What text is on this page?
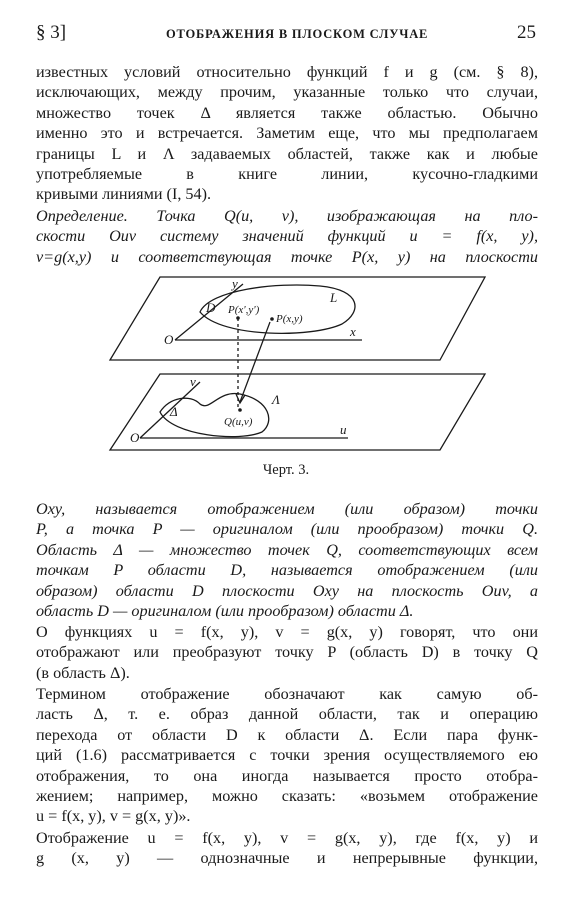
§ 3]	ОТОБРАЖЕНИЯ В ПЛОСКОМ СЛУЧАЕ	25
известных условий относительно функций f и g (см. § 8),
исключающих, между прочим, указанные только что случаи,
множество точек Δ является также областью. Обычно
именно это и встречается. Заметим еще, что мы предполагаем
границы L и Λ задаваемых областей, также как и любые
употребляемые в книге линии, кусочно-гладкими
кривыми линиями (I, 54).
Определение. Точка Q(u, v), изображающая на пло-
скости Ouv систему значений функций u = f(x, y),
v=g(x,y) и соответствующая точке P(x, y) на плоскости
y
L
D P(x',y')
P(x,y)
O
x
v
Δ
Λ
Q(u,v)
O
u
Черт. 3.
Oxy, называется отображением (или образом) точки
P, а точка P — оригиналом (или прообразом) точки Q.
Область Δ — множество точек Q, соответствующих всем
точкам P области D, называется отображением (или
образом) области D плоскости Oxy на плоскость Ouv, а
область D — оригиналом (или прообразом) области Δ.
О функциях u = f(x, y), v = g(x, y) говорят, что они
отображают или преобразуют точку P (область D) в точку Q
(в область Δ).
Термином отображение обозначают как самую об-
ласть Δ, т. е. образ данной области, так и операцию
перехода от области D к области Δ. Если пара функ-
ций (1.6) рассматривается с точки зрения осуществляемого ею
отображения, то она иногда называется просто отобра-
жением; например, можно сказать: «возьмем отображение
u = f(x, y), v = g(x, y)».
Отображение u = f(x, y), v = g(x, y), где f(x, y) и
g (x, y) — однозначные и непрерывные функции,
